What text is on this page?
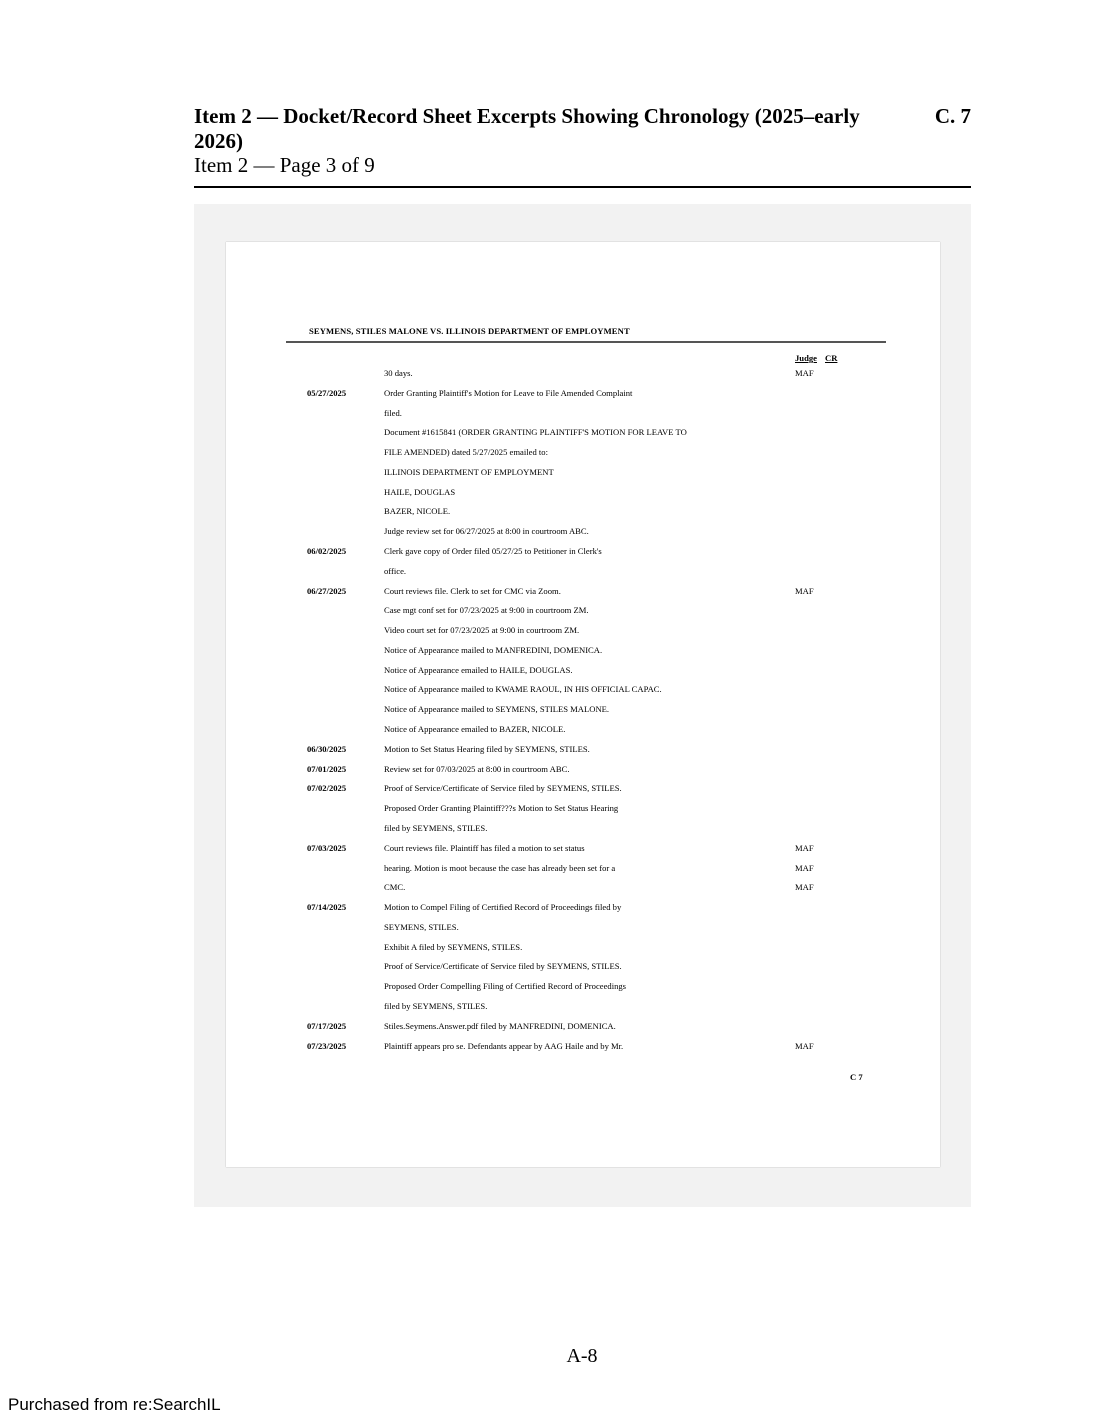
Item 2 — Docket/Record Sheet Excerpts Showing Chronology (2025–early 2026)
C. 7
Item 2 — Page 3 of 9
SEYMENS, STILES MALONE VS. ILLINOIS DEPARTMENT OF EMPLOYMENT
Judge CR
30 days.	MAF
05/27/2025	Order Granting Plaintiff's Motion for Leave to File Amended Complaint
filed.
Document #1615841 (ORDER GRANTING PLAINTIFF'S MOTION FOR LEAVE TO
FILE AMENDED) dated 5/27/2025 emailed to:
ILLINOIS DEPARTMENT OF EMPLOYMENT
HAILE, DOUGLAS
BAZER, NICOLE.
Judge review set for 06/27/2025 at 8:00 in courtroom ABC.
06/02/2025	Clerk gave copy of Order filed 05/27/25 to Petitioner in Clerk's
office.
06/27/2025	Court reviews file. Clerk to set for CMC via Zoom.	MAF
Case mgt conf set for 07/23/2025 at 9:00 in courtroom ZM.
Video court set for 07/23/2025 at 9:00 in courtroom ZM.
Notice of Appearance mailed to MANFREDINI, DOMENICA.
Notice of Appearance emailed to HAILE, DOUGLAS.
Notice of Appearance mailed to KWAME RAOUL, IN HIS OFFICIAL CAPAC.
Notice of Appearance mailed to SEYMENS, STILES MALONE.
Notice of Appearance emailed to BAZER, NICOLE.
06/30/2025	Motion to Set Status Hearing filed by SEYMENS, STILES.
07/01/2025	Review set for 07/03/2025 at 8:00 in courtroom ABC.
07/02/2025	Proof of Service/Certificate of Service filed by SEYMENS, STILES.
Proposed Order Granting Plaintiff???s Motion to Set Status Hearing
filed by SEYMENS, STILES.
07/03/2025	Court reviews file. Plaintiff has filed a motion to set status	MAF
hearing. Motion is moot because the case has already been set for a	MAF
CMC.	MAF
07/14/2025	Motion to Compel Filing of Certified Record of Proceedings filed by
SEYMENS, STILES.
Exhibit A filed by SEYMENS, STILES.
Proof of Service/Certificate of Service filed by SEYMENS, STILES.
Proposed Order Compelling Filing of Certified Record of Proceedings
filed by SEYMENS, STILES.
07/17/2025	Stiles.Seymens.Answer.pdf filed by MANFREDINI, DOMENICA.
07/23/2025	Plaintiff appears pro se. Defendants appear by AAG Haile and by Mr.	MAF
C 7
A-8
Purchased from re:SearchIL
